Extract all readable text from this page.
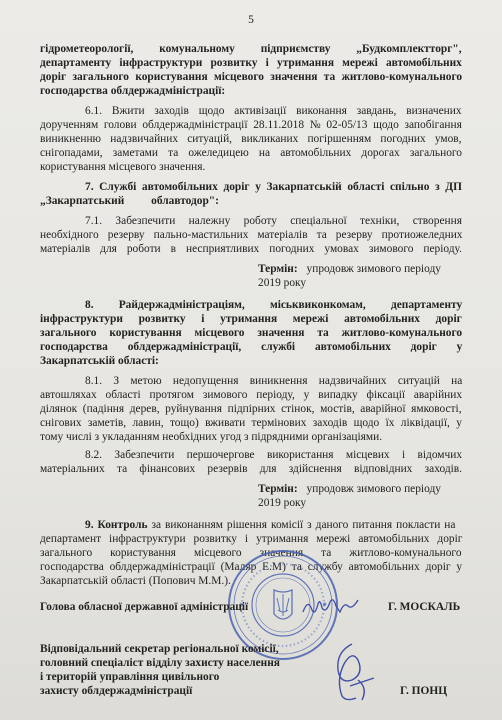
5
гідрометеорології, комунальному підприємству „Будкомплектторг",
департаменту інфраструктури розвитку і утримання мережі автомобільних
доріг загального користування місцевого значення та житлово-комунального
господарства облдержадміністрації:
6.1. Вжити заходів щодо активізації виконання завдань, визначених
дорученням голови облдержадміністрації 28.11.2018 № 02-05/13 щодо запобігання
виникненню надзвичайних ситуацій, викликаних погіршенням погодних умов,
снігопадами, заметами та ожеледицею на автомобільних дорогах загального
користування місцевого значення.
7. Службі автомобільних доріг у Закарпатській області спільно з ДП
„Закарпатський облавтодор":
7.1. Забезпечити належну роботу спеціальної техніки, створення
необхідного резерву пально-мастильних матеріалів та резерву протиожеледних
матеріалів для роботи в несприятливих погодних умовах зимового періоду.
Термін: упродовж зимового періоду
2019 року
8. Райдержадміністраціям, міськвиконкомам, департаменту
інфраструктури розвитку і утримання мережі автомобільних доріг
загального користування місцевого значення та житлово-комунального
господарства облдержадміністрації, службі автомобільних доріг у
Закарпатській області:
8.1. З метою недопущення виникнення надзвичайних ситуацій на
автошляхах області протягом зимового періоду, у випадку фіксації аварійних
ділянок (падіння дерев, руйнування підпірних стінок, мостів, аварійної ямковості,
снігових заметів, лавин, тощо) вживати термінових заходів щодо їх ліквідації, у
тому числі з укладанням необхідних угод з підрядними організаціями.
8.2. Забезпечити першочергове використання місцевих і відомчих
матеріальних та фінансових резервів для здійснення відповідних заходів.
Термін: упродовж зимового періоду
2019 року
9. Контроль за виконанням рішення комісії з даного питання покласти на
департамент інфраструктури розвитку і утримання мережі автомобільних доріг
загального користування місцевого значення та житлово-комунального
господарства облдержадміністрації (Маляр Е.М) та службу автомобільних доріг у
Закарпатській області (Попович М.М.).
Голова обласної державної адміністрації	Г. МОСКАЛЬ
Відповідальний секретар регіональної комісії,
головний спеціаліст відділу захисту населення
і територій управління цивільного
захисту облдержадміністрації	Г. ПОНЦ
